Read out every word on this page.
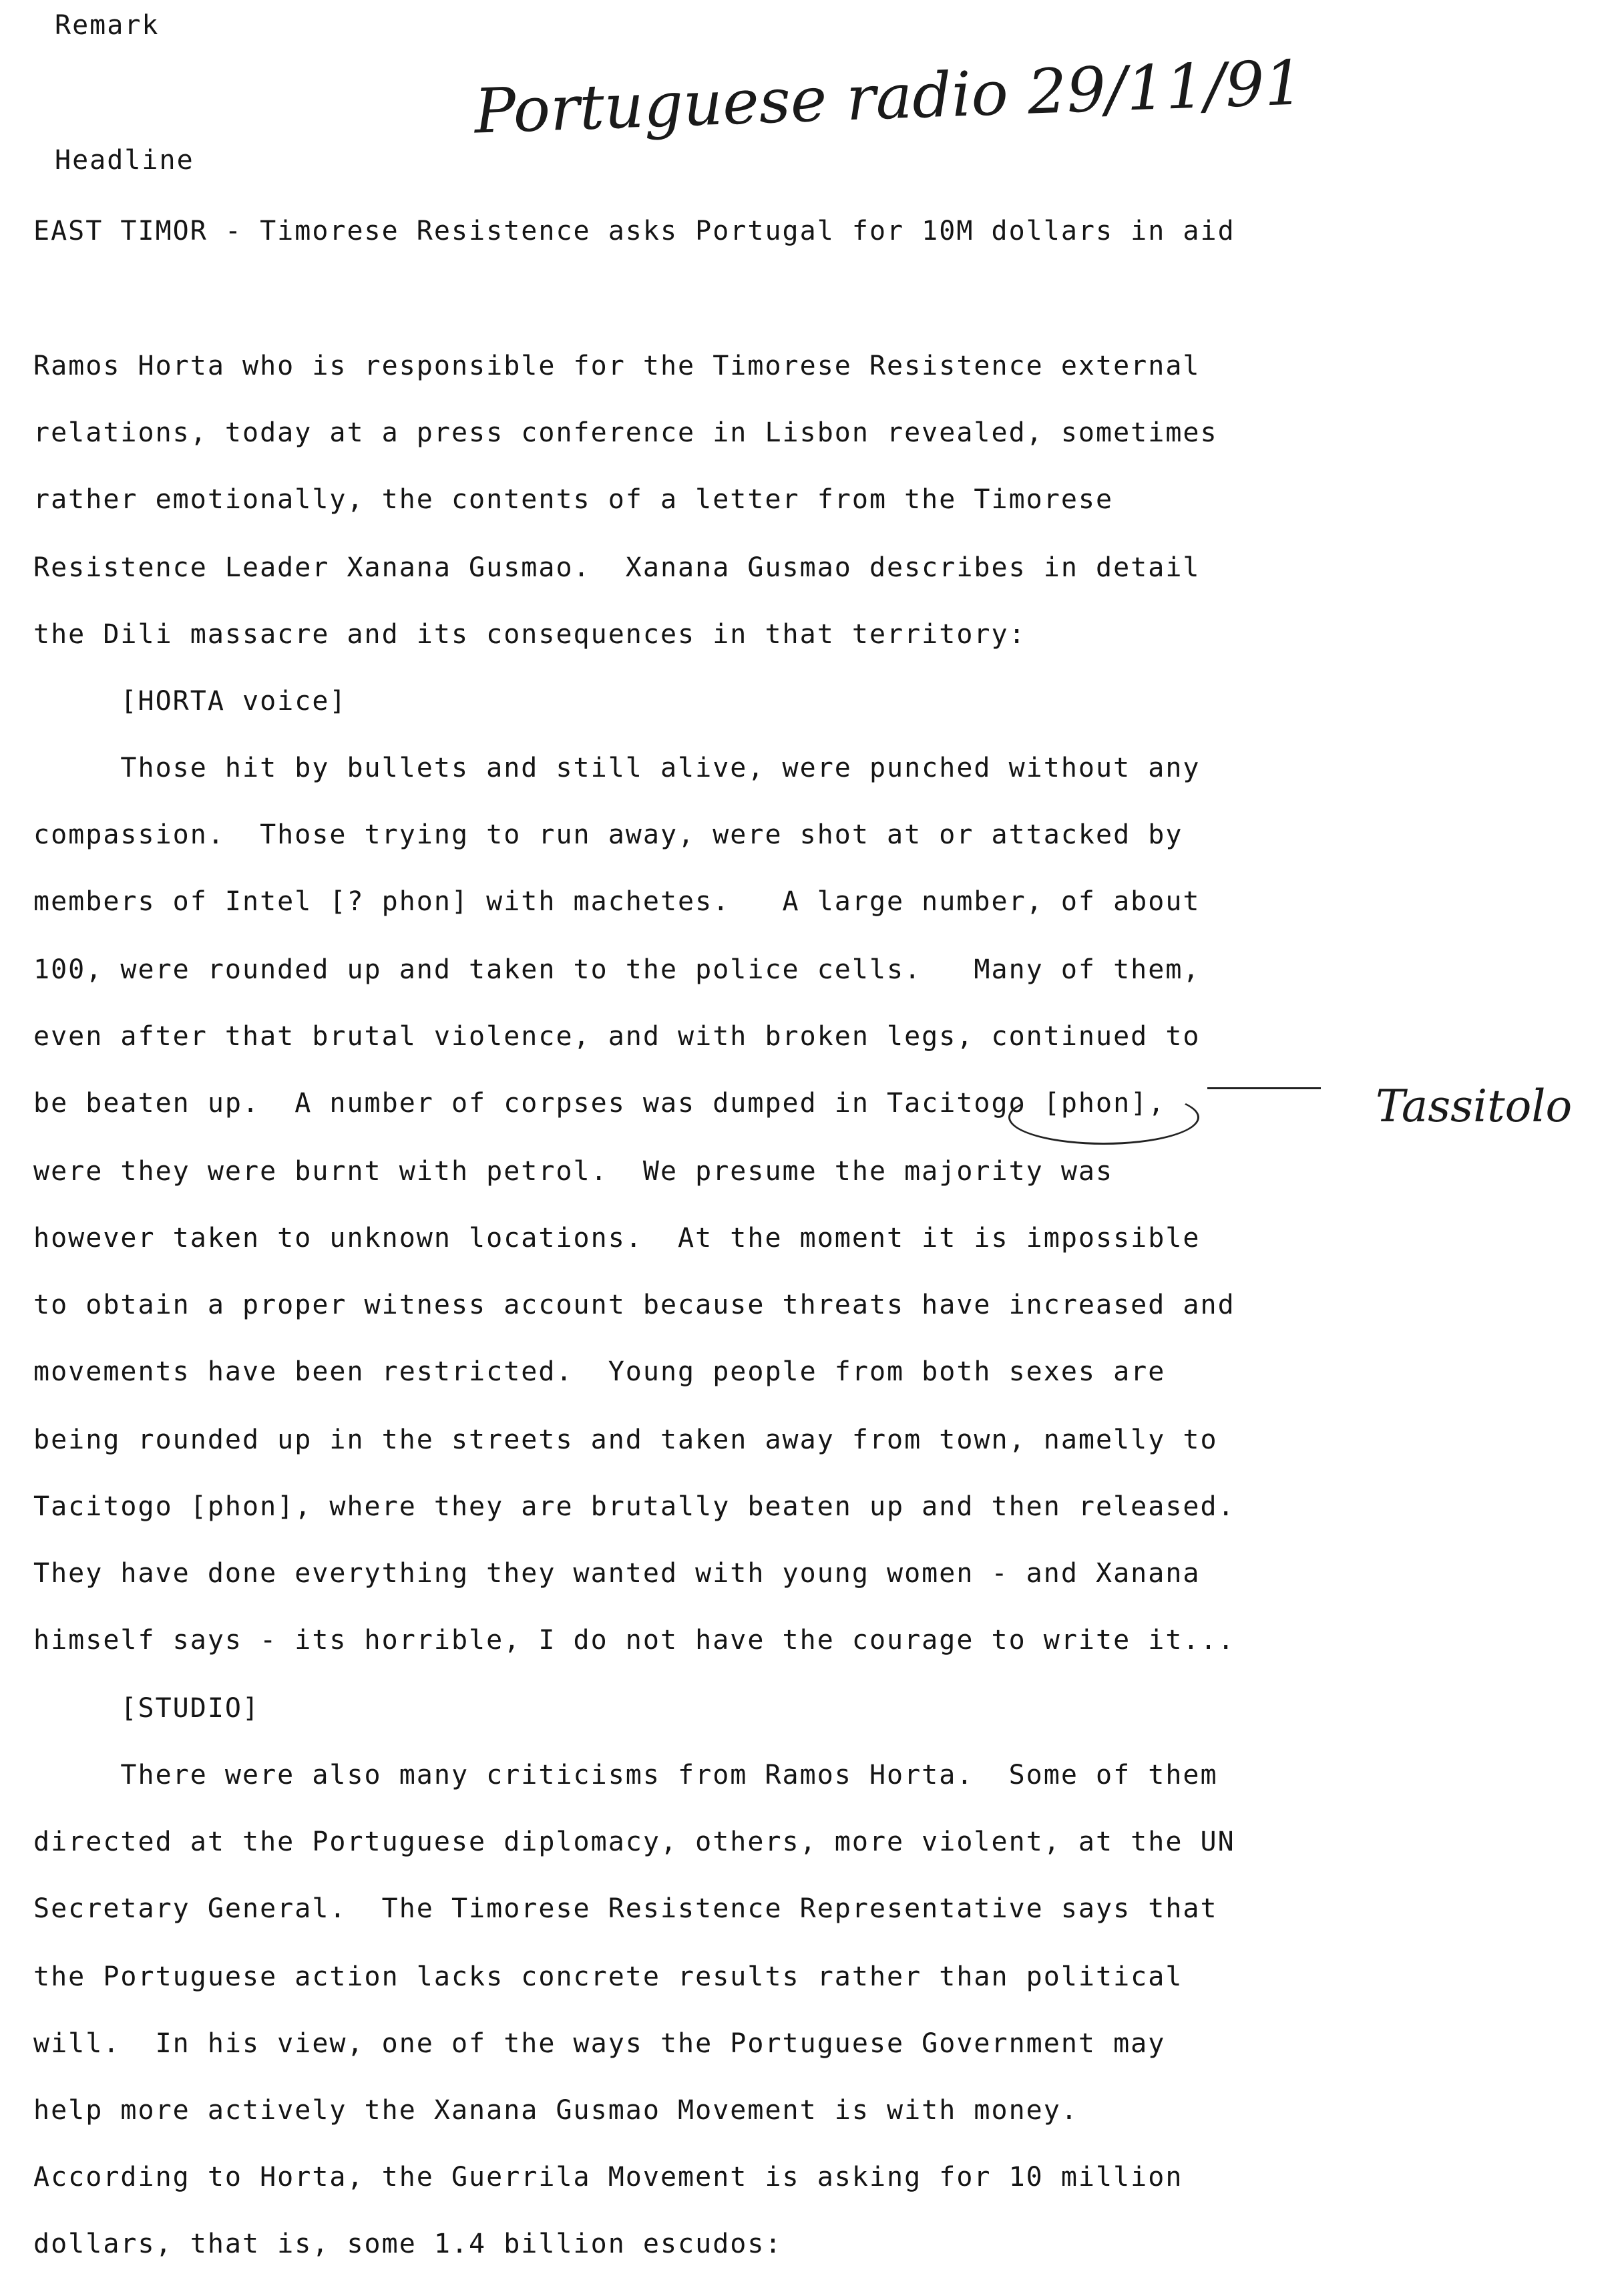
Remark
Portuguese radio 29/11/91
Headline
EAST TIMOR - Timorese Resistence asks Portugal for 10M dollars in aid
Ramos Horta who is responsible for the Timorese Resistence external
relations, today at a press conference in Lisbon revealed, sometimes
rather emotionally, the contents of a letter from the Timorese
Resistence Leader Xanana Gusmao.  Xanana Gusmao describes in detail
the Dili massacre and its consequences in that territory:
[HORTA voice]
Those hit by bullets and still alive, were punched without any
compassion.  Those trying to run away, were shot at or attacked by
members of Intel [? phon] with machetes.   A large number, of about
100, were rounded up and taken to the police cells.   Many of them,
even after that brutal violence, and with broken legs, continued to
be beaten up.  A number of corpses was dumped in Tacitogo [phon],
were they were burnt with petrol.  We presume the majority was
however taken to unknown locations.  At the moment it is impossible
to obtain a proper witness account because threats have increased and
movements have been restricted.  Young people from both sexes are
being rounded up in the streets and taken away from town, namelly to
Tacitogo [phon], where they are brutally beaten up and then released.
They have done everything they wanted with young women - and Xanana
himself says - its horrible, I do not have the courage to write it...
[STUDIO]
There were also many criticisms from Ramos Horta.  Some of them
directed at the Portuguese diplomacy, others, more violent, at the UN
Secretary General.  The Timorese Resistence Representative says that
the Portuguese action lacks concrete results rather than political
will.  In his view, one of the ways the Portuguese Government may
help more actively the Xanana Gusmao Movement is with money.
According to Horta, the Guerrila Movement is asking for 10 million
dollars, that is, some 1.4 billion escudos:
Tassitolo
